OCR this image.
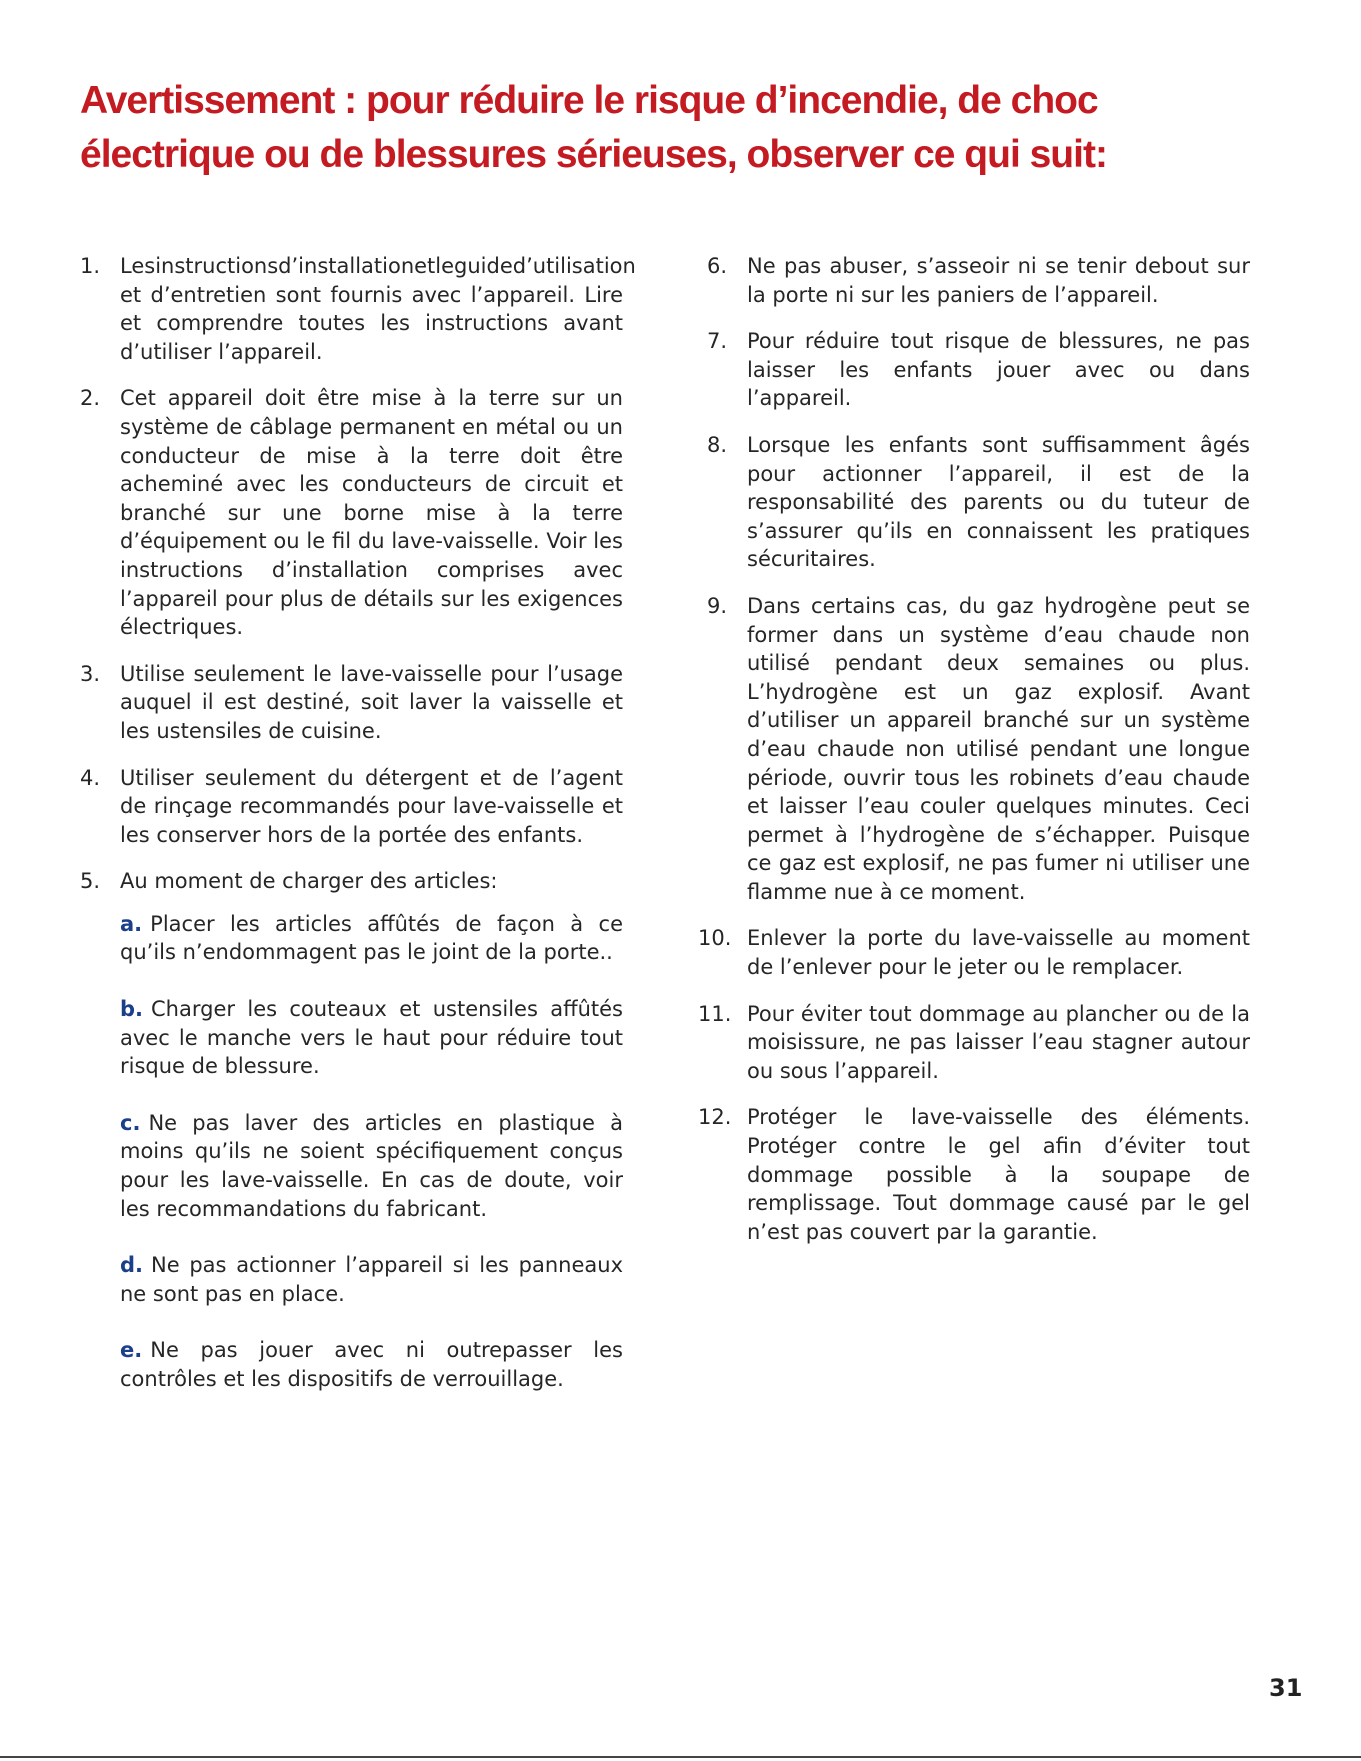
Avertissement : pour réduire le risque d’incendie, de choc électrique ou de blessures sérieuses, observer ce qui suit:
1. Lesinstructionsd’installationetleguided’utilisation et d’entretien sont fournis avec l’appareil. Lire et comprendre toutes les instructions avant d’utiliser l’appareil.
2. Cet appareil doit être mise à la terre sur un système de câblage permanent en métal ou un conducteur de mise à la terre doit être acheminé avec les conducteurs de circuit et branché sur une borne mise à la terre d’équipement ou le fil du lave-vaisselle. Voir les instructions d’installation comprises avec l’appareil pour plus de détails sur les exigences électriques.
3. Utilise seulement le lave-vaisselle pour l’usage auquel il est destiné, soit laver la vaisselle et les ustensiles de cuisine.
4. Utiliser seulement du détergent et de l’agent de rinçage recommandés pour lave-vaisselle et les conserver hors de la portée des enfants.
5. Au moment de charger des articles:

a. Placer les articles affûtés de façon à ce qu’ils n’endommagent pas le joint de la porte..

b. Charger les couteaux et ustensiles affûtés avec le manche vers le haut pour réduire tout risque de blessure.

c. Ne pas laver des articles en plastique à moins qu’ils ne soient spécifiquement conçus pour les lave-vaisselle. En cas de doute, voir les recommandations du fabricant.

d. Ne pas actionner l’appareil si les panneaux ne sont pas en place.

e. Ne pas jouer avec ni outrepasser les contrôles et les dispositifs de verrouillage.

6. Ne pas abuser, s’asseoir ni se tenir debout sur la porte ni sur les paniers de l’appareil.
7. Pour réduire tout risque de blessures, ne pas laisser les enfants jouer avec ou dans l’appareil.
8. Lorsque les enfants sont suffisamment âgés pour actionner l’appareil, il est de la responsabilité des parents ou du tuteur de s’assurer qu’ils en connaissent les pratiques sécuritaires.
9. Dans certains cas, du gaz hydrogène peut se former dans un système d’eau chaude non utilisé pendant deux semaines ou plus. L’hydrogène est un gaz explosif. Avant d’utiliser un appareil branché sur un système d’eau chaude non utilisé pendant une longue période, ouvrir tous les robinets d’eau chaude et laisser l’eau couler quelques minutes. Ceci permet à l’hydrogène de s’échapper. Puisque ce gaz est explosif, ne pas fumer ni utiliser une flamme nue à ce moment.
10. Enlever la porte du lave-vaisselle au moment de l’enlever pour le jeter ou le remplacer.
11. Pour éviter tout dommage au plancher ou de la moisissure, ne pas laisser l’eau stagner autour ou sous l’appareil.
12. Protéger le lave-vaisselle des éléments. Protéger contre le gel afin d’éviter tout dommage possible à la soupape de remplissage. Tout dommage causé par le gel n’est pas couvert par la garantie.

31
